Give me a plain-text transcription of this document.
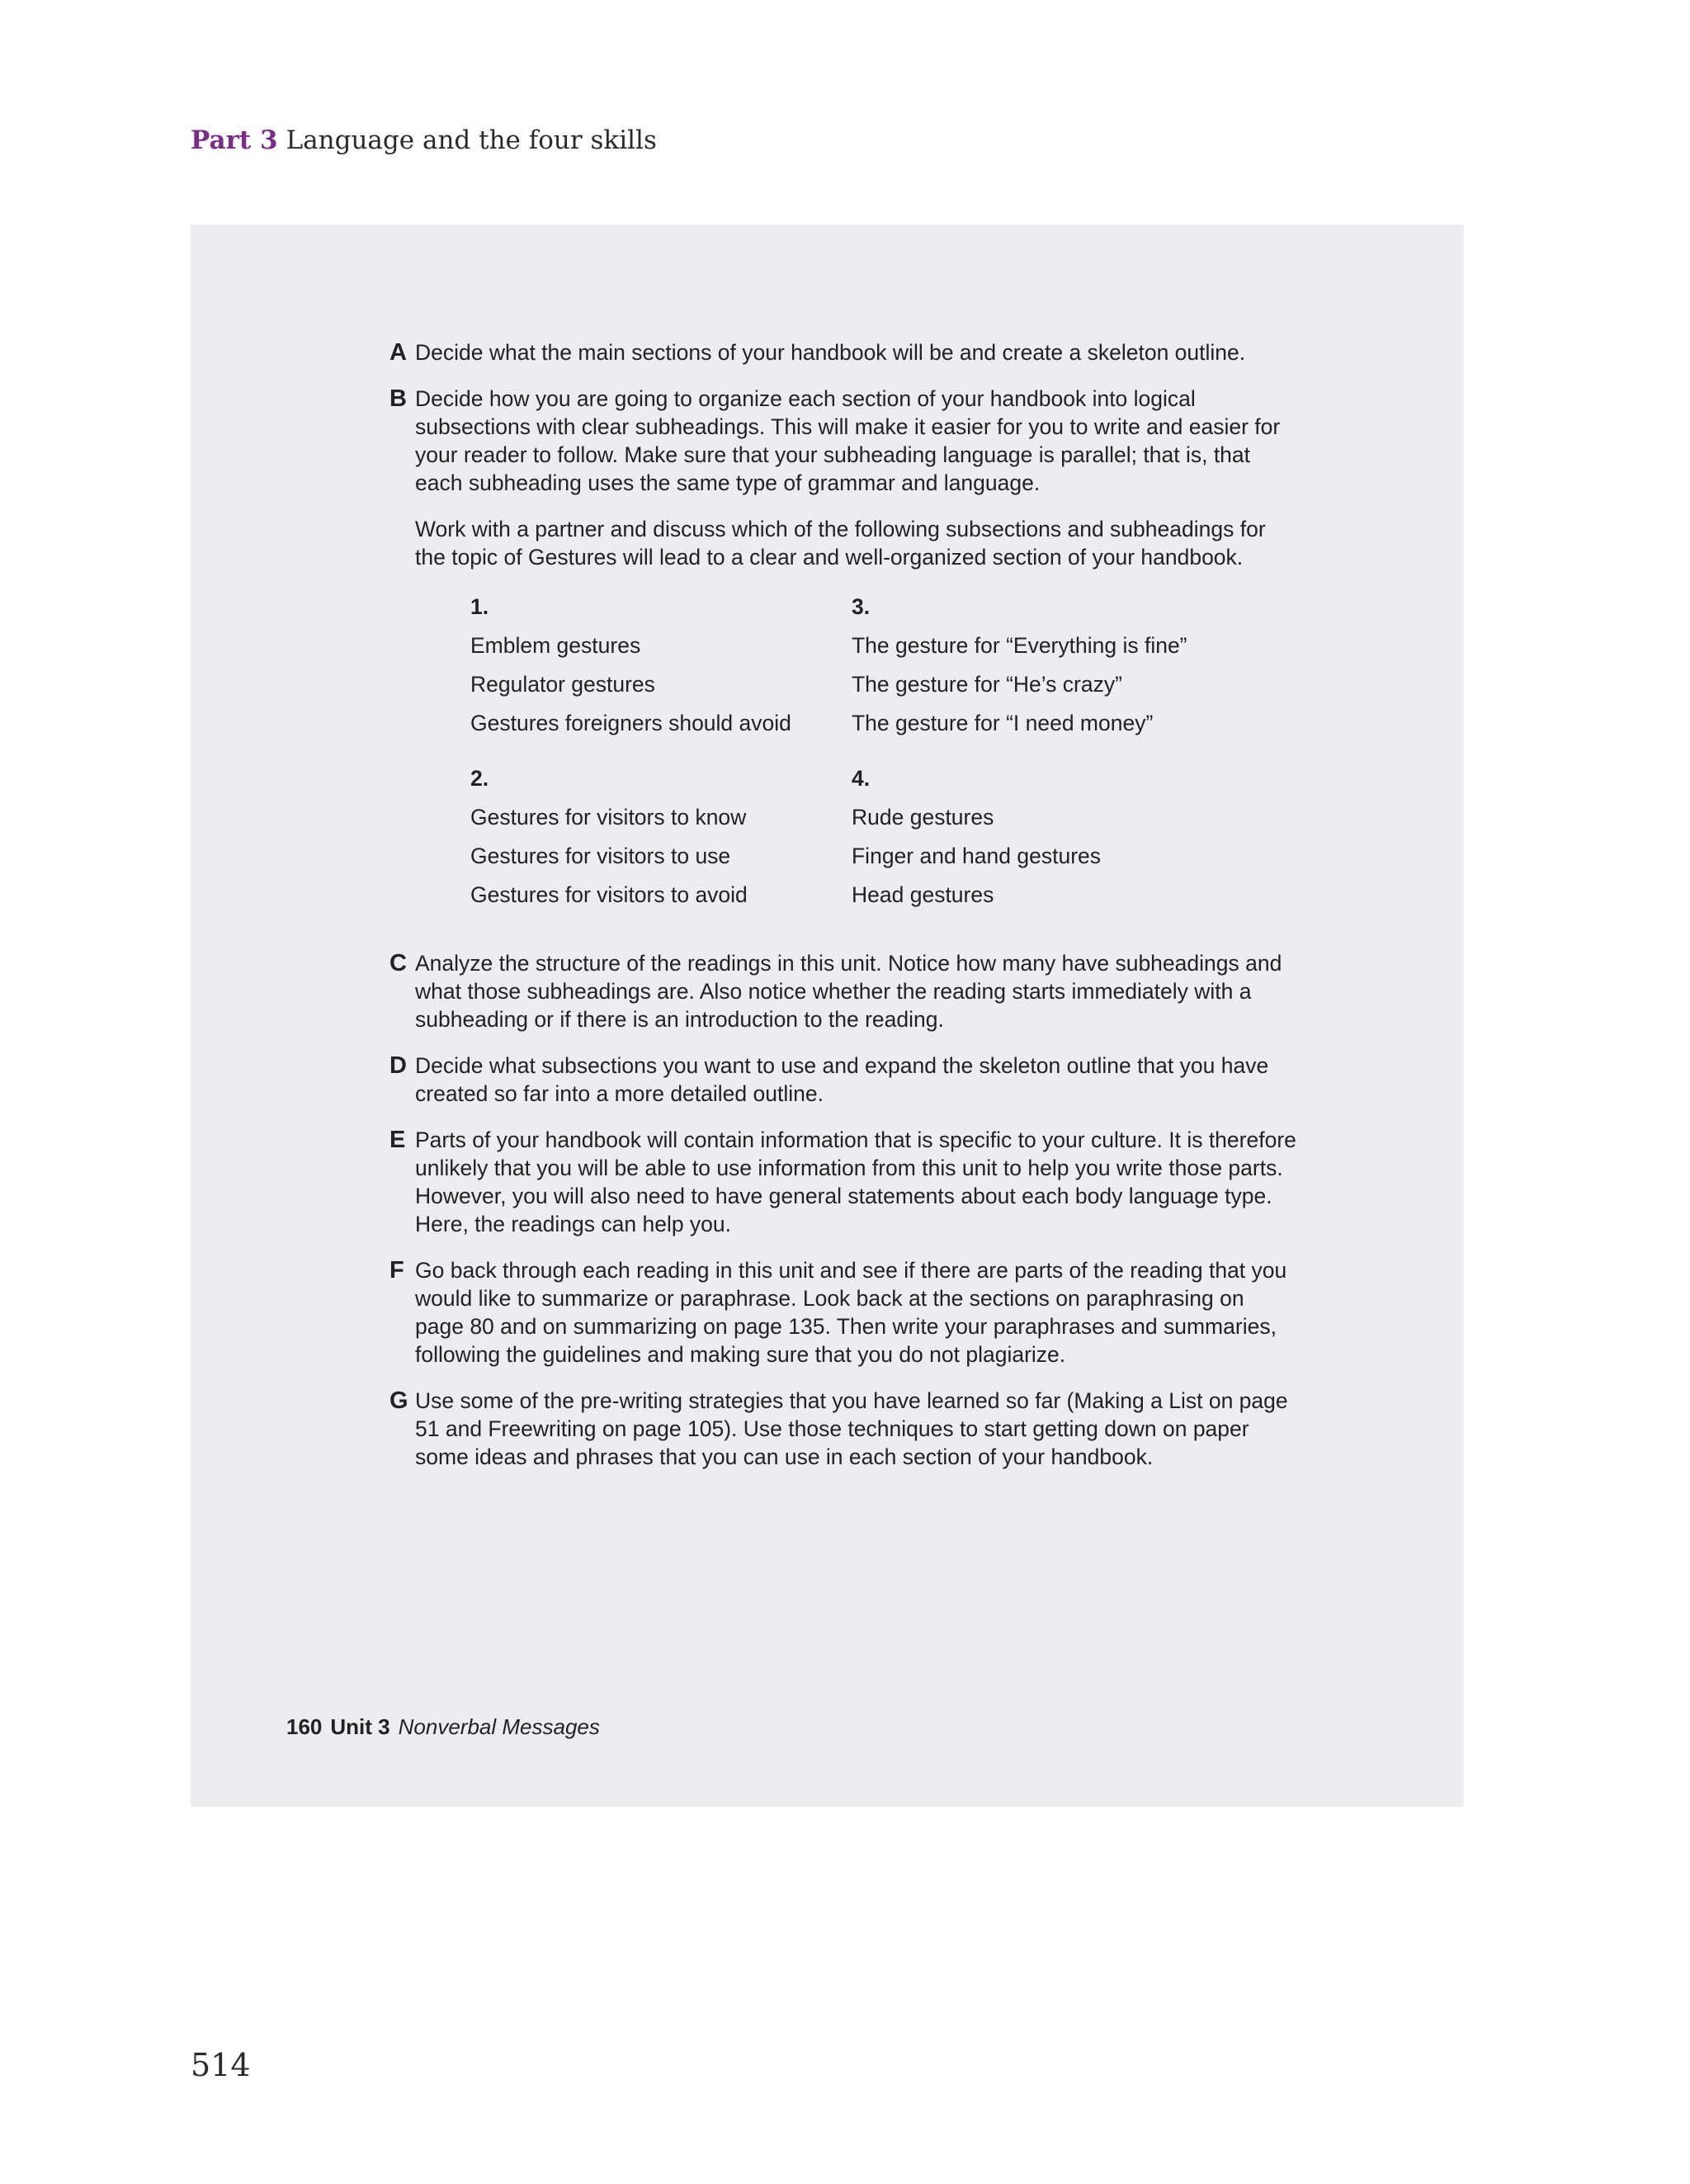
Part 3 Language and the four skills
A Decide what the main sections of your handbook will be and create a skeleton outline.

B Decide how you are going to organize each section of your handbook into logical subsections with clear subheadings. This will make it easier for you to write and easier for your reader to follow. Make sure that your subheading language is parallel; that is, that each subheading uses the same type of grammar and language.

Work with a partner and discuss which of the following subsections and subheadings for the topic of Gestures will lead to a clear and well-organized section of your handbook.

1.
Emblem gestures
Regulator gestures
Gestures foreigners should avoid
3.
The gesture for “Everything is fine”
The gesture for “He’s crazy”
The gesture for “I need money”

2.
Gestures for visitors to know
Gestures for visitors to use
Gestures for visitors to avoid
4.
Rude gestures
Finger and hand gestures
Head gestures
C Analyze the structure of the readings in this unit. Notice how many have subheadings and what those subheadings are. Also notice whether the reading starts immediately with a subheading or if there is an introduction to the reading.

D Decide what subsections you want to use and expand the skeleton outline that you have created so far into a more detailed outline.

E Parts of your handbook will contain information that is specific to your culture. It is therefore unlikely that you will be able to use information from this unit to help you write those parts. However, you will also need to have general statements about each body language type. Here, the readings can help you.

F Go back through each reading in this unit and see if there are parts of the reading that you would like to summarize or paraphrase. Look back at the sections on paraphrasing on page 80 and on summarizing on page 135. Then write your paraphrases and summaries, following the guidelines and making sure that you do not plagiarize.

G Use some of the pre-writing strategies that you have learned so far (Making a List on page 51 and Freewriting on page 105). Use those techniques to start getting down on paper some ideas and phrases that you can use in each section of your handbook.

160 Unit 3 Nonverbal Messages
514
